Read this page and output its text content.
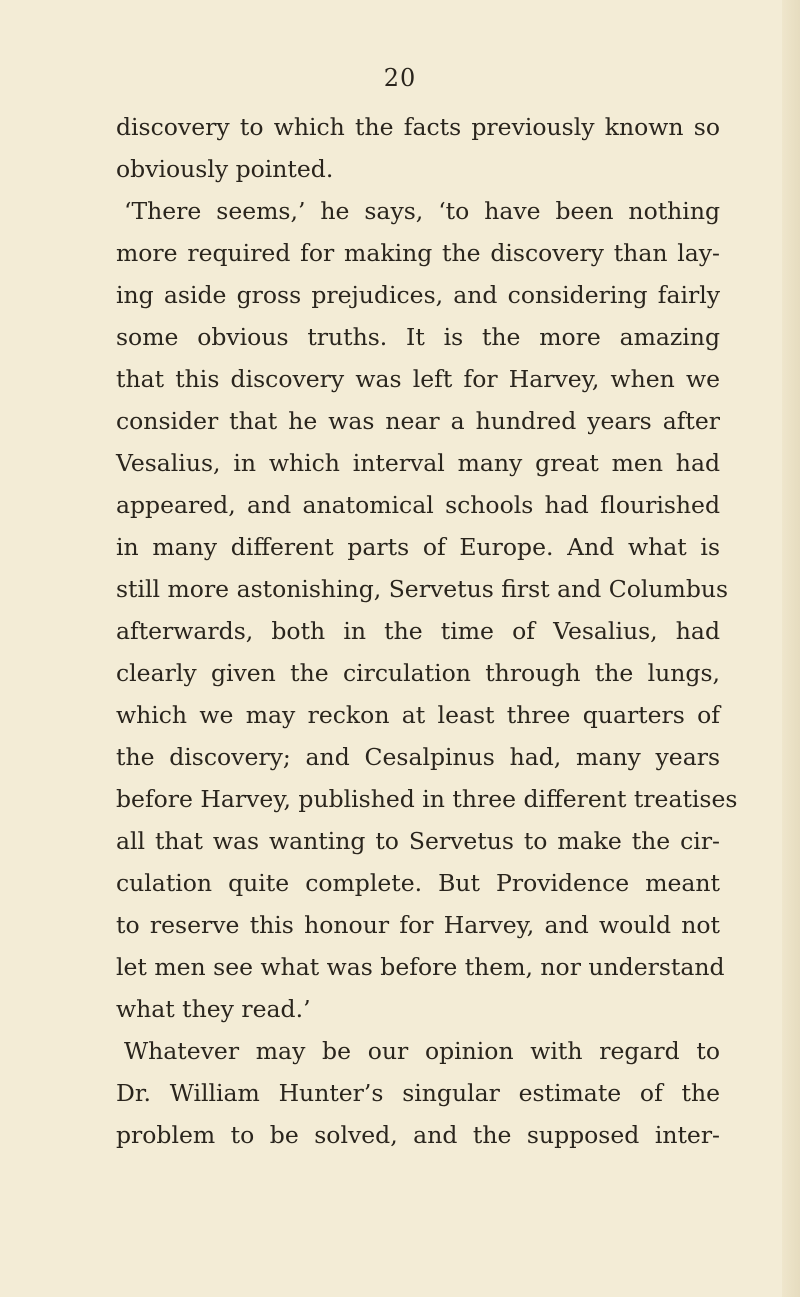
20
discovery to which the facts previously known so
obviously pointed.
‘There seems,’ he says, ‘to have been nothing
more required for making the discovery than lay-
ing aside gross prejudices, and considering fairly
some obvious truths. It is the more amazing
that this discovery was left for Harvey, when we
consider that he was near a hundred years after
Vesalius, in which interval many great men had
appeared, and anatomical schools had flourished
in many different parts of Europe. And what is
still more astonishing, Servetus first and Columbus
afterwards, both in the time of Vesalius, had
clearly given the circulation through the lungs,
which we may reckon at least three quarters of
the discovery; and Cesalpinus had, many years
before Harvey, published in three different treatises
all that was wanting to Servetus to make the cir-
culation quite complete. But Providence meant
to reserve this honour for Harvey, and would not
let men see what was before them, nor understand
what they read.’
Whatever may be our opinion with regard to
Dr. William Hunter’s singular estimate of the
problem to be solved, and the supposed inter-
